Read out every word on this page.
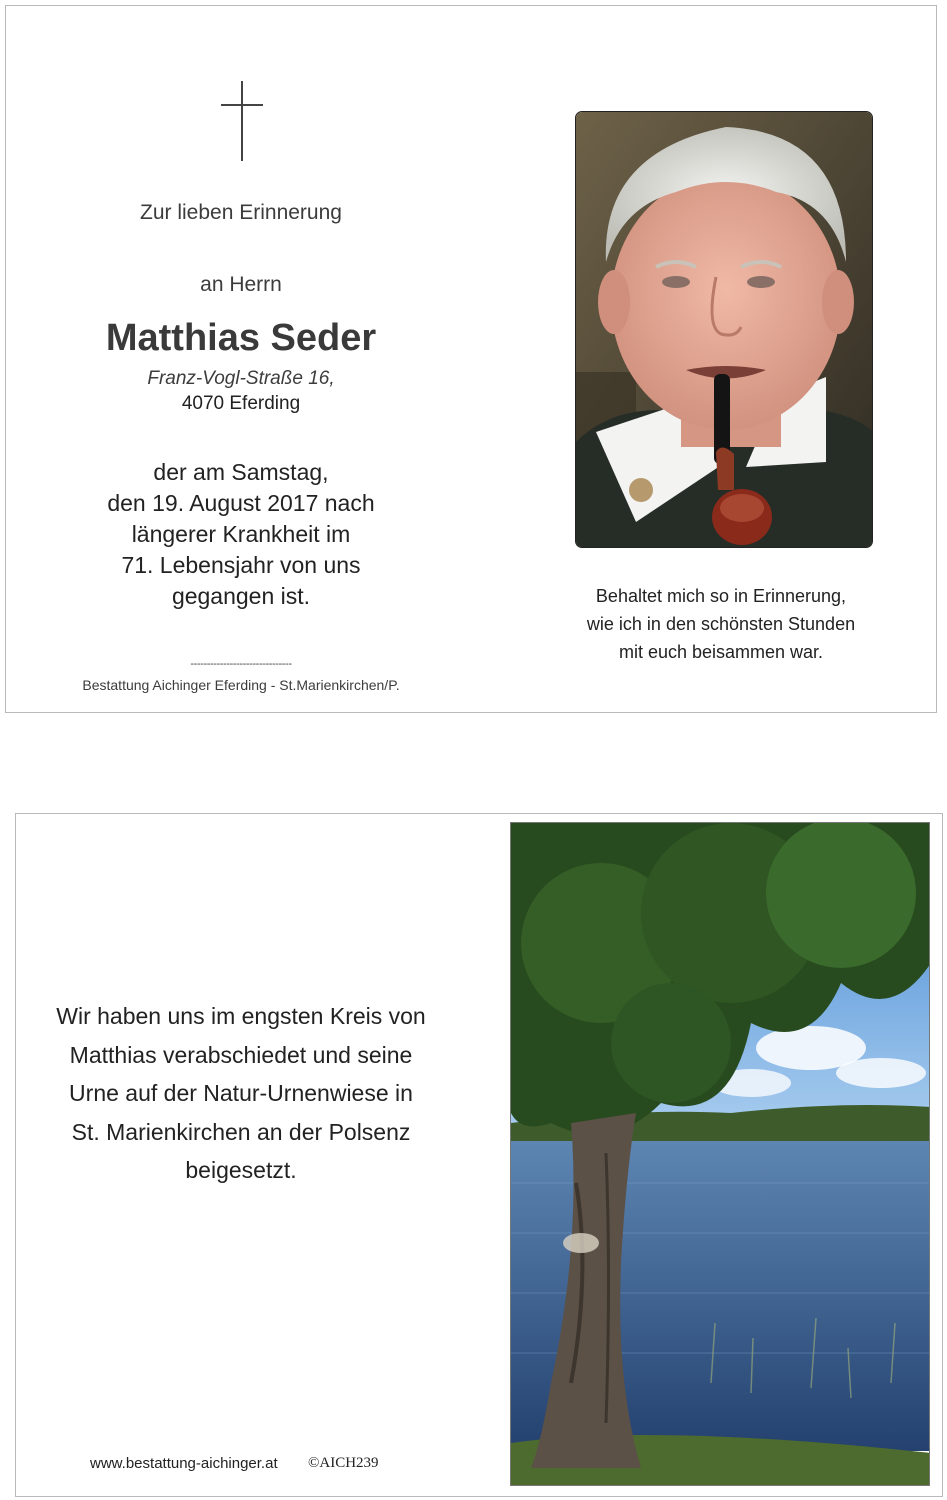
Zur lieben Erinnerung
an Herrn
Matthias Seder
Franz-Vogl-Straße 16,
4070 Eferding

der am Samstag,

den 19. August 2017 nach

längerer Krankheit im

71. Lebensjahr von uns

gegangen ist.

-------------------------------
Bestattung Aichinger Eferding - St.Marienkirchen/P.

Behaltet mich so in Erinnerung,

wie ich in den schönsten Stunden

mit euch beisammen war.

Wir haben uns im engsten Kreis von

Matthias verabschiedet und seine

Urne auf der Natur-Urnenwiese in

St. Marienkirchen an der Polsenz

beigesetzt.

www.bestattung-aichinger.at ©AICH239
